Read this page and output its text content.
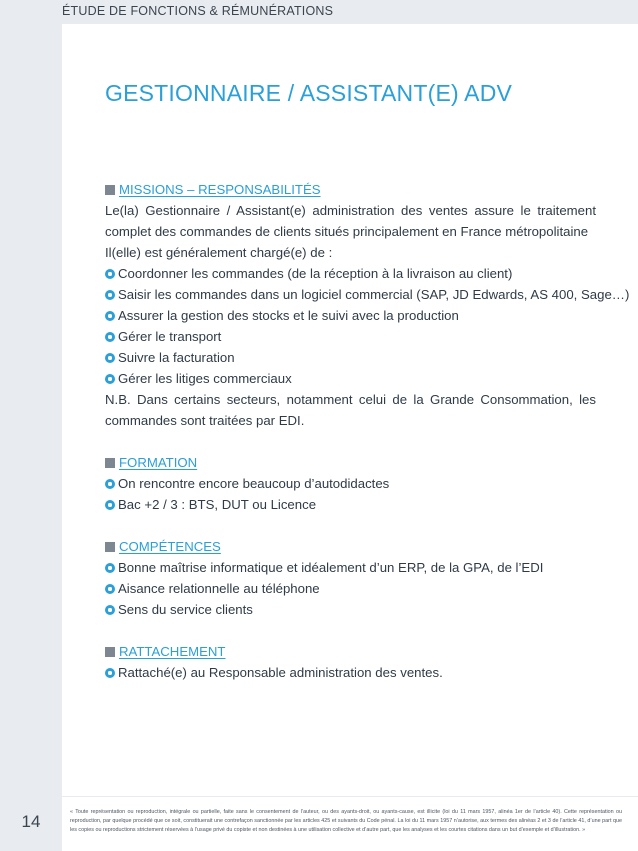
ÉTUDE DE FONCTIONS & RÉMUNÉRATIONS
GESTIONNAIRE / ASSISTANT(E) ADV
MISSIONS – RESPONSABILITÉS
Le(la) Gestionnaire / Assistant(e) administration des ventes assure le traitement complet des commandes de clients situés principalement en France métropolitaine
Il(elle) est généralement chargé(e) de :
Coordonner les commandes (de la réception à la livraison au client)
Saisir les commandes dans un logiciel commercial (SAP, JD Edwards, AS 400, Sage…)
Assurer la gestion des stocks et le suivi avec la production
Gérer le transport
Suivre la facturation
Gérer les litiges commerciaux
N.B. Dans certains secteurs, notamment celui de la Grande Consommation, les commandes sont traitées par EDI.
FORMATION
On rencontre encore beaucoup d’autodidactes
Bac +2 / 3 : BTS, DUT ou Licence
COMPÉTENCES
Bonne maîtrise informatique et idéalement d’un ERP, de la GPA, de l’EDI
Aisance relationnelle au téléphone
Sens du service clients
RATTACHEMENT
Rattaché(e) au Responsable administration des ventes.
14	« Toute représentation ou reproduction, intégrale ou partielle, faite sans le consentement de l’auteur, ou des ayants-droit, ou ayants-cause, est illicite (loi du 11 mars 1957, alinéa 1er de l’article 40). Cette représentation ou reproduction, par quelque procédé que ce soit, constituerait une contrefaçon sanctionnée par les articles 425 et suivants du Code pénal. La loi du 11 mars 1957 n’autorise, aux termes des alinéas 2 et 3 de l’article 41, d’une part que les copies ou reproductions strictement réservées à l’usage privé du copiste et non destinées à une utilisation collective et d’autre part, que les analyses et les courtes citations dans un but d’exemple et d’illustration. »
